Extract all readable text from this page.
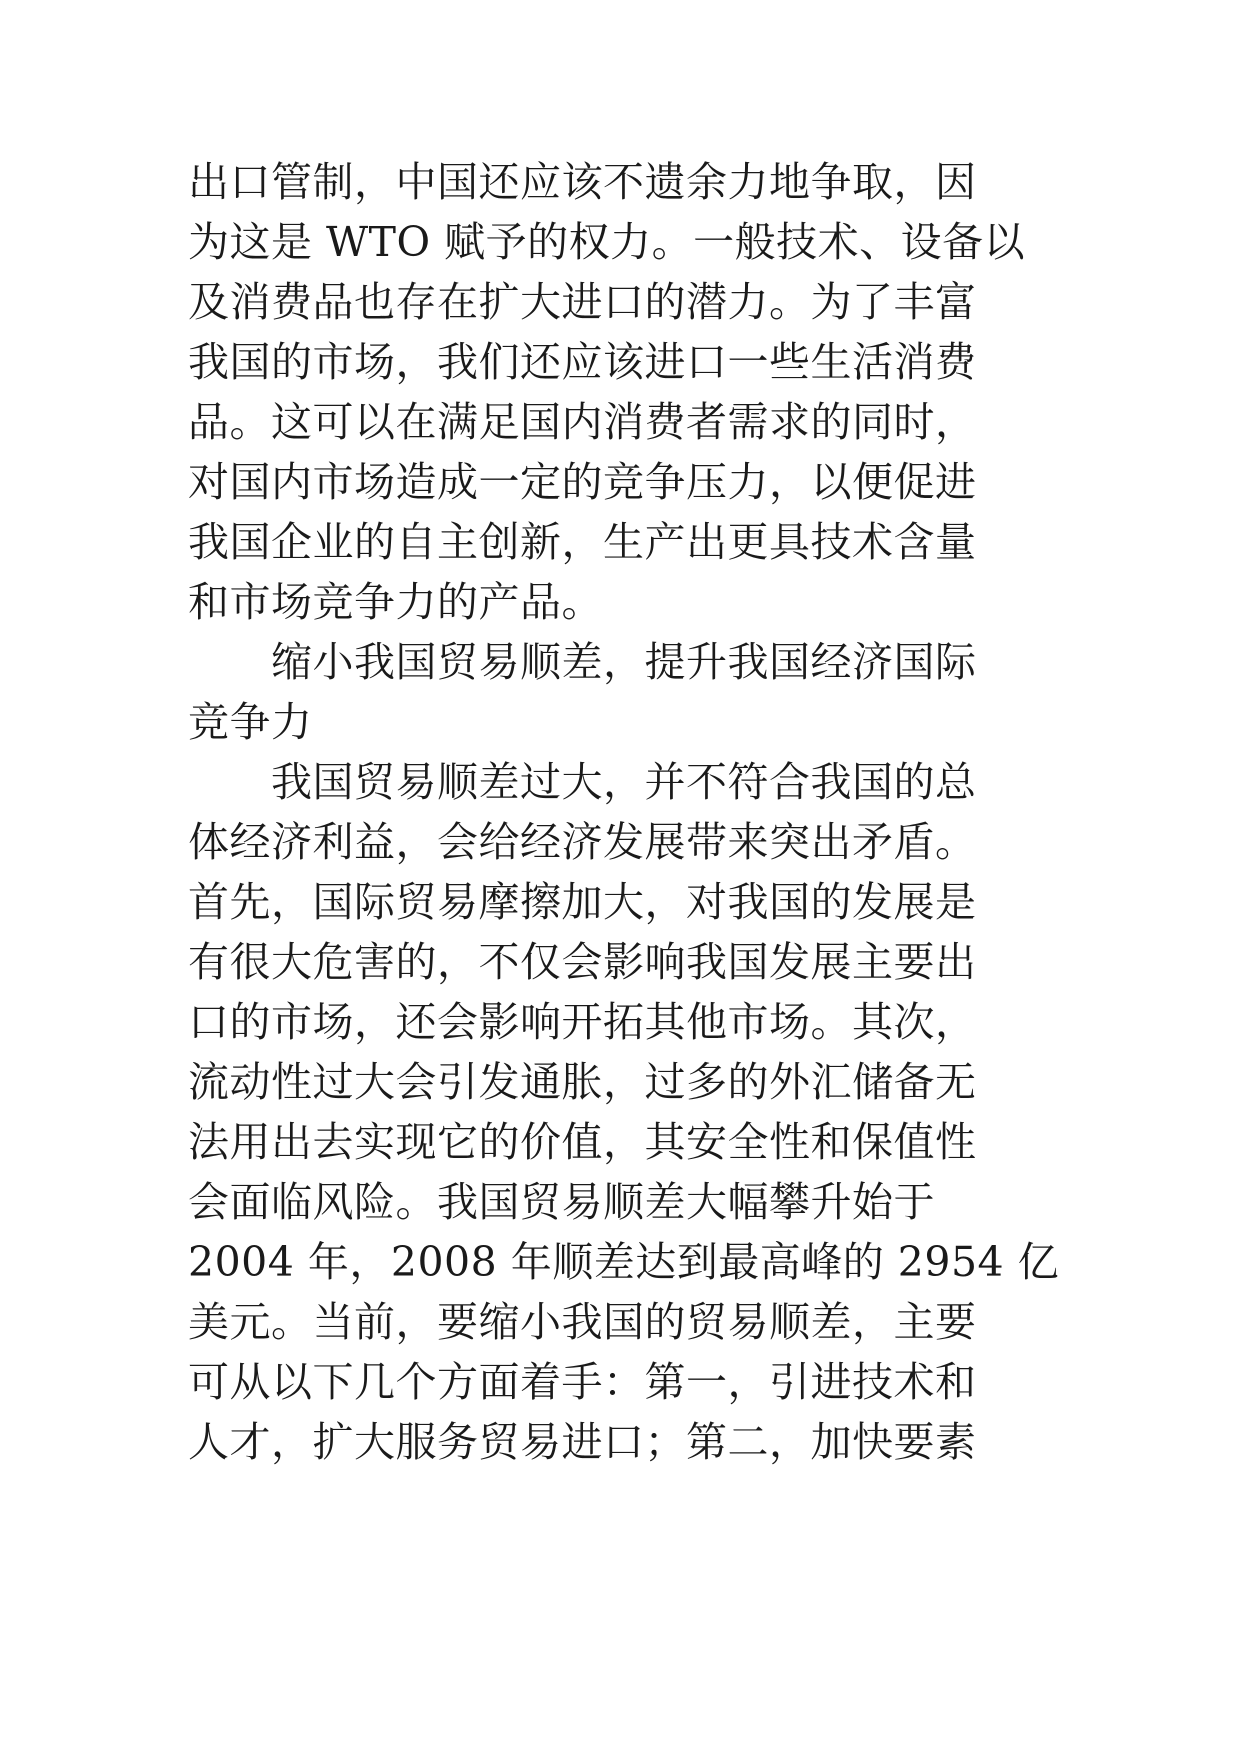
出口管制，中国还应该不遗余力地争取，因
为这是 WTO 赋予的权力。一般技术、设备以
及消费品也存在扩大进口的潜力。为了丰富
我国的市场，我们还应该进口一些生活消费
品。这可以在满足国内消费者需求的同时，
对国内市场造成一定的竞争压力，以便促进
我国企业的自主创新，生产出更具技术含量
和市场竞争力的产品。
　　缩小我国贸易顺差，提升我国经济国际
竞争力
　　我国贸易顺差过大，并不符合我国的总
体经济利益，会给经济发展带来突出矛盾。
首先，国际贸易摩擦加大，对我国的发展是
有很大危害的，不仅会影响我国发展主要出
口的市场，还会影响开拓其他市场。其次，
流动性过大会引发通胀，过多的外汇储备无
法用出去实现它的价值，其安全性和保值性
会面临风险。我国贸易顺差大幅攀升始于
2004 年，2008 年顺差达到最高峰的 2954 亿
美元。当前，要缩小我国的贸易顺差，主要
可从以下几个方面着手：第一，引进技术和
人才，扩大服务贸易进口；第二，加快要素
